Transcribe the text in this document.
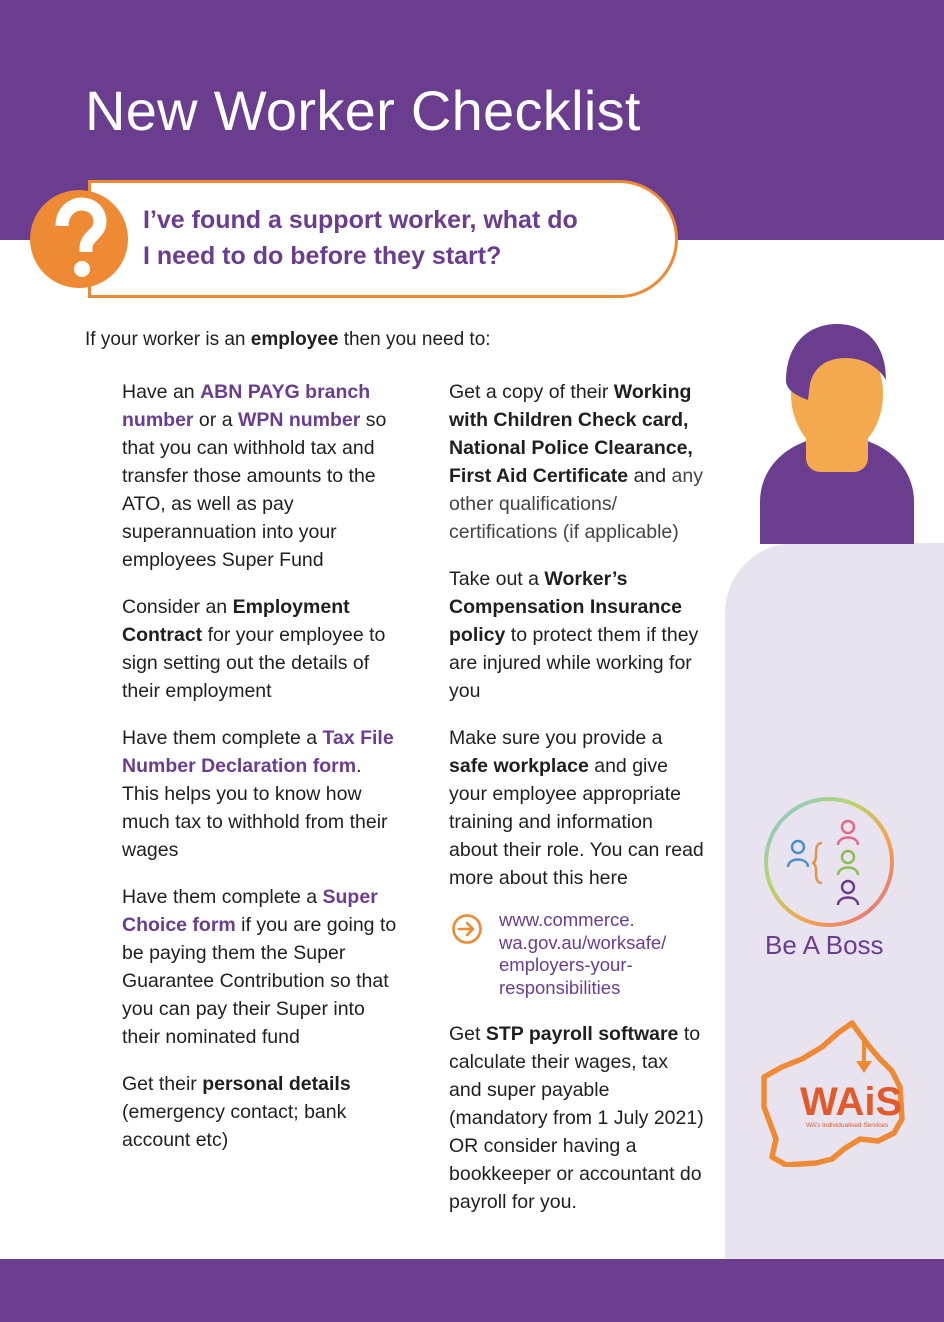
New Worker Checklist
I’ve found a support worker, what do
I need to do before they start?
If your worker is an employee then you need to:

Have an ABN PAYG branch number or a WPN number so that you can withhold tax and transfer those amounts to the ATO, as well as pay superannuation into your employees Super Fund

Consider an Employment Contract for your employee to sign setting out the details of their employment

Have them complete a Tax File Number Declaration form. This helps you to know how much tax to withhold from their wages

Have them complete a Super Choice form if you are going to be paying them the Super Guarantee Contribution so that you can pay their Super into their nominated fund

Get their personal details (emergency contact; bank account etc)

Get a copy of their Working with Children Check card, National Police Clearance, First Aid Certificate and any other qualifications/ certifications (if applicable)

Take out a Worker’s Compensation Insurance policy to protect them if they are injured while working for you

Make sure you provide a safe workplace and give your employee appropriate training and information about their role. You can read more about this here

www.commerce.
wa.gov.au/worksafe/
employers-your-
responsibilities

Get STP payroll software to calculate their wages, tax and super payable (mandatory from 1 July 2021) OR consider having a bookkeeper or accountant do payroll for you.

Be A Boss
WAiS
WA’s Individualised Services
